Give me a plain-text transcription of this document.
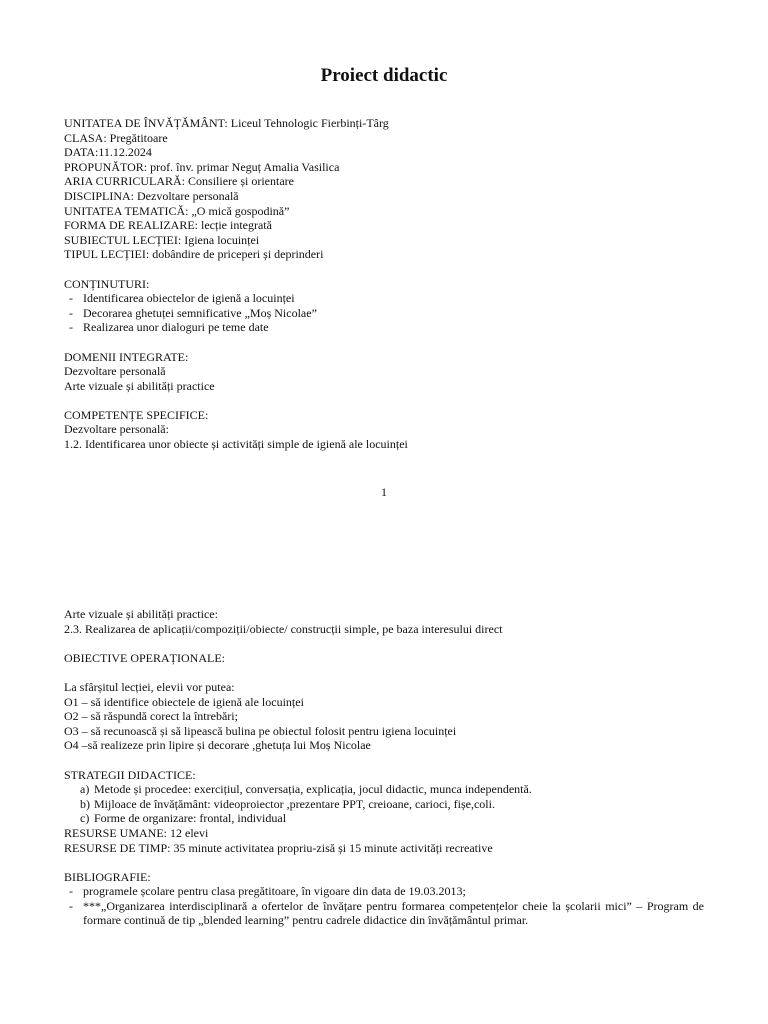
Proiect didactic
UNITATEA DE ÎNVĂȚĂMÂNT: Liceul Tehnologic Fierbinți-Târg
CLASA: Pregătitoare
DATA:11.12.2024
PROPUNĂTOR: prof. înv. primar Neguț Amalia Vasilica
ARIA CURRICULARĂ: Consiliere și orientare
DISCIPLINA: Dezvoltare personală
UNITATEA TEMATICĂ: „O mică gospodină”
FORMA DE REALIZARE: lecție integrată
SUBIECTUL LECȚIEI: Igiena locuinței
TIPUL LECȚIEI: dobândire de priceperi și deprinderi
CONȚINUTURI:
- Identificarea obiectelor de igienă a locuinței
- Decorarea ghetuței semnificative „Moș Nicolae”
- Realizarea unor dialoguri pe teme date
DOMENII INTEGRATE:
Dezvoltare personală
Arte vizuale și abilități practice
COMPETENȚE SPECIFICE:
Dezvoltare personală:
1.2. Identificarea unor obiecte și activități simple de igienă ale locuinței
1
Arte vizuale și abilități practice:
2.3. Realizarea de aplicații/compoziții/obiecte/ construcții simple, pe baza interesului direct
OBIECTIVE OPERAȚIONALE:
La sfârșitul lecției, elevii vor putea:
O1 – să identifice obiectele de igienă ale locuinței
O2 – să răspundă corect la întrebări;
O3 – să recunoască și să lipească bulina pe obiectul folosit pentru igiena locuinței
O4 –să realizeze prin lipire și decorare ,ghetuța lui Moș Nicolae
STRATEGII DIDACTICE:
a) Metode și procedee: exercițiul, conversația, explicația, jocul didactic, munca independentă.
b) Mijloace de învățământ: videoproiector ,prezentare PPT, creioane, carioci, fișe,coli.
c) Forme de organizare: frontal, individual
RESURSE UMANE: 12 elevi
RESURSE DE TIMP: 35 minute activitatea propriu-zisă și 15 minute activități recreative
BIBLIOGRAFIE:
- programele școlare pentru clasa pregătitoare, în vigoare din data de 19.03.2013;
- ***„Organizarea interdisciplinară a ofertelor de învățare pentru formarea competențelor cheie la școlarii mici” – Program de formare continuă de tip „blended learning” pentru cadrele didactice din învățământul primar.
